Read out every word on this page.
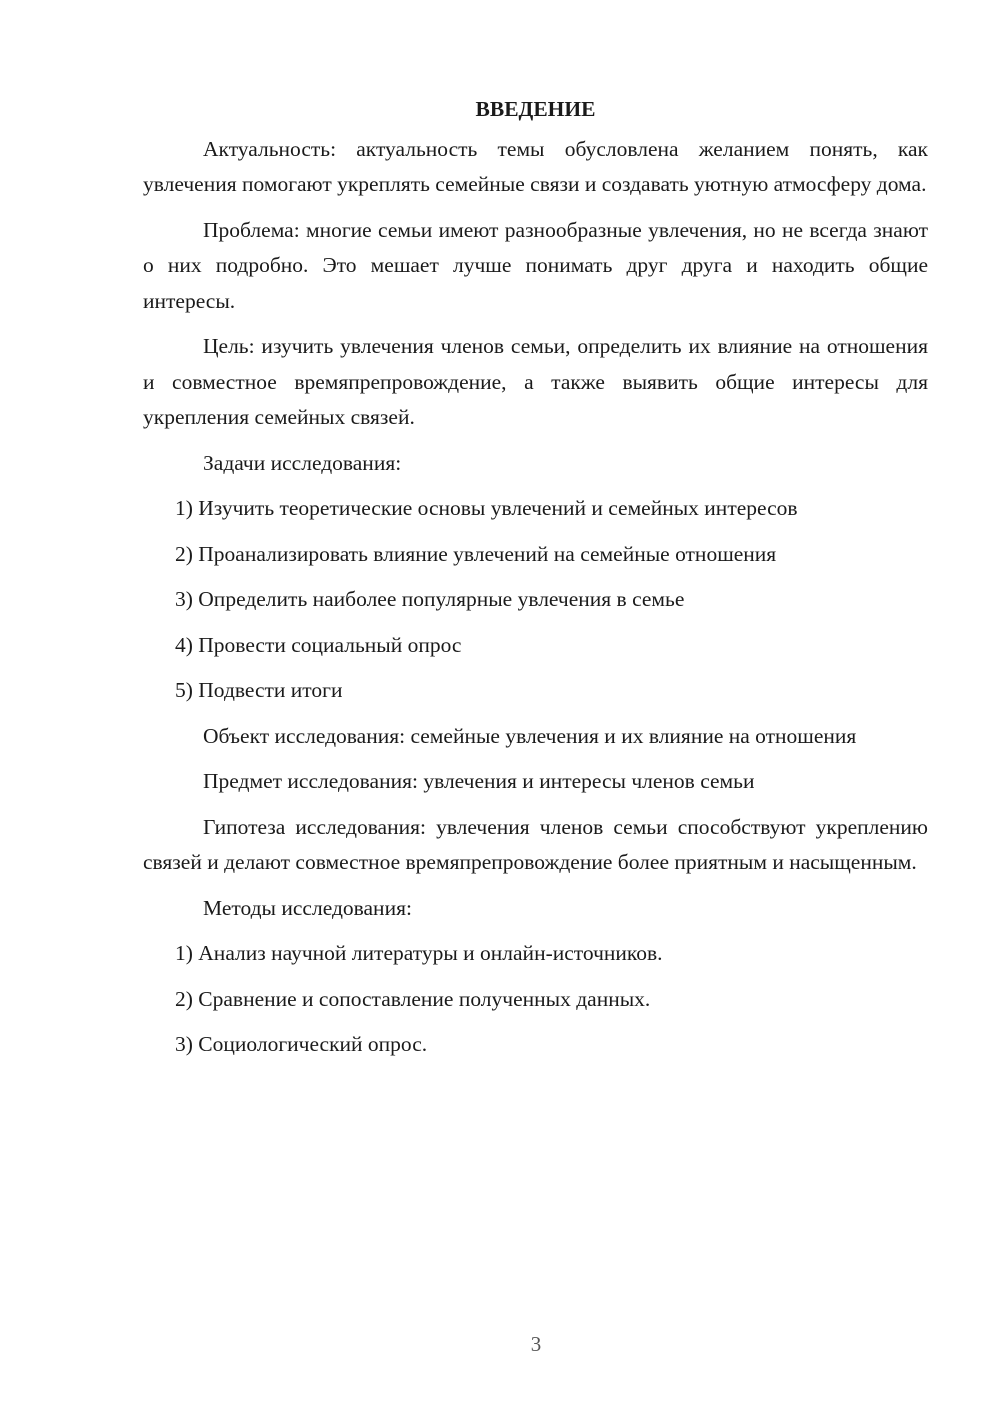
ВВЕДЕНИЕ

Актуальность: актуальность темы обусловлена желанием понять, как увлечения помогают укреплять семейные связи и создавать уютную атмосферу дома.

Проблема: многие семьи имеют разнообразные увлечения, но не всегда знают о них подробно. Это мешает лучше понимать друг друга и находить общие интересы.

Цель: изучить увлечения членов семьи, определить их влияние на отношения и совместное времяпрепровождение, а также выявить общие интересы для укрепления семейных связей.

Задачи исследования:

1) Изучить теоретические основы увлечений и семейных интересов
2) Проанализировать влияние увлечений на семейные отношения
3) Определить наиболее популярные увлечения в семье
4) Провести социальный опрос
5) Подвести итоги

Объект исследования: семейные увлечения и их влияние на отношения

Предмет исследования: увлечения и интересы членов семьи

Гипотеза исследования: увлечения членов семьи способствуют укреплению связей и делают совместное времяпрепровождение более приятным и насыщенным.

Методы исследования:

1) Анализ научной литературы и онлайн-источников.
2) Сравнение и сопоставление полученных данных.
3) Социологический опрос.
3
